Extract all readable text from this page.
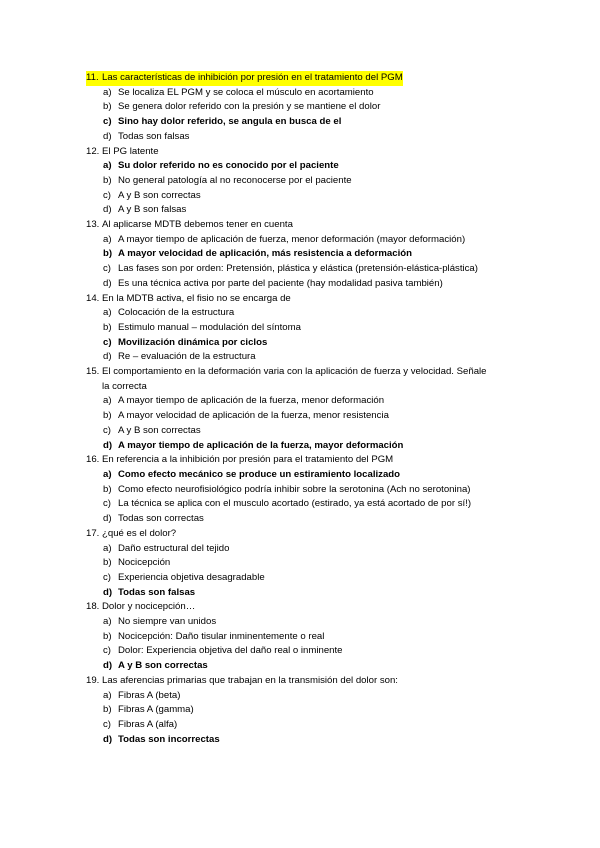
11. Las características de inhibición por presión en el tratamiento del PGM
a) Se localiza EL PGM y se coloca el músculo en acortamiento
b) Se genera dolor referido con la presión y se mantiene el dolor
c) Sino hay dolor referido, se angula en busca de el
d) Todas son falsas
12. El PG latente
a) Su dolor referido no es conocido por el paciente
b) No general patología al no reconocerse por el paciente
c) A y B son correctas
d) A y B son falsas
13. Al aplicarse MDTB debemos tener en cuenta
a) A mayor tiempo de aplicación de fuerza, menor deformación (mayor deformación)
b) A mayor velocidad de aplicación, más resistencia a deformación
c) Las fases son por orden: Pretensión, plástica y elástica (pretensión-elástica-plástica)
d) Es una técnica activa por parte del paciente (hay modalidad pasiva también)
14. En la MDTB activa, el fisio no se encarga de
a) Colocación de la estructura
b) Estimulo manual – modulación del síntoma
c) Movilización dinámica por ciclos
d) Re – evaluación de la estructura
15. El comportamiento en la deformación varia con la aplicación de fuerza y velocidad. Señale
la correcta
a) A mayor tiempo de aplicación de la fuerza, menor deformación
b) A mayor velocidad de aplicación de la fuerza, menor resistencia
c) A y B son correctas
d) A mayor tiempo de aplicación de la fuerza, mayor deformación
16. En referencia a la inhibición por presión para el tratamiento del PGM
a) Como efecto mecánico se produce un estiramiento localizado
b) Como efecto neurofisiológico podría inhibir sobre la serotonina (Ach no serotonina)
c) La técnica se aplica con el musculo acortado (estirado, ya está acortado de por sí!)
d) Todas son correctas
17. ¿qué es el dolor?
a) Daño estructural del tejido
b) Nocicepción
c) Experiencia objetiva desagradable
d) Todas son falsas
18. Dolor y nocicepción…
a) No siempre van unidos
b) Nocicepción: Daño tisular inminentemente o real
c) Dolor: Experiencia objetiva del daño real o inminente
d) A y B son correctas
19. Las aferencias primarias que trabajan en la transmisión del dolor son:
a) Fibras A (beta)
b) Fibras A (gamma)
c) Fibras A (alfa)
d) Todas son incorrectas
